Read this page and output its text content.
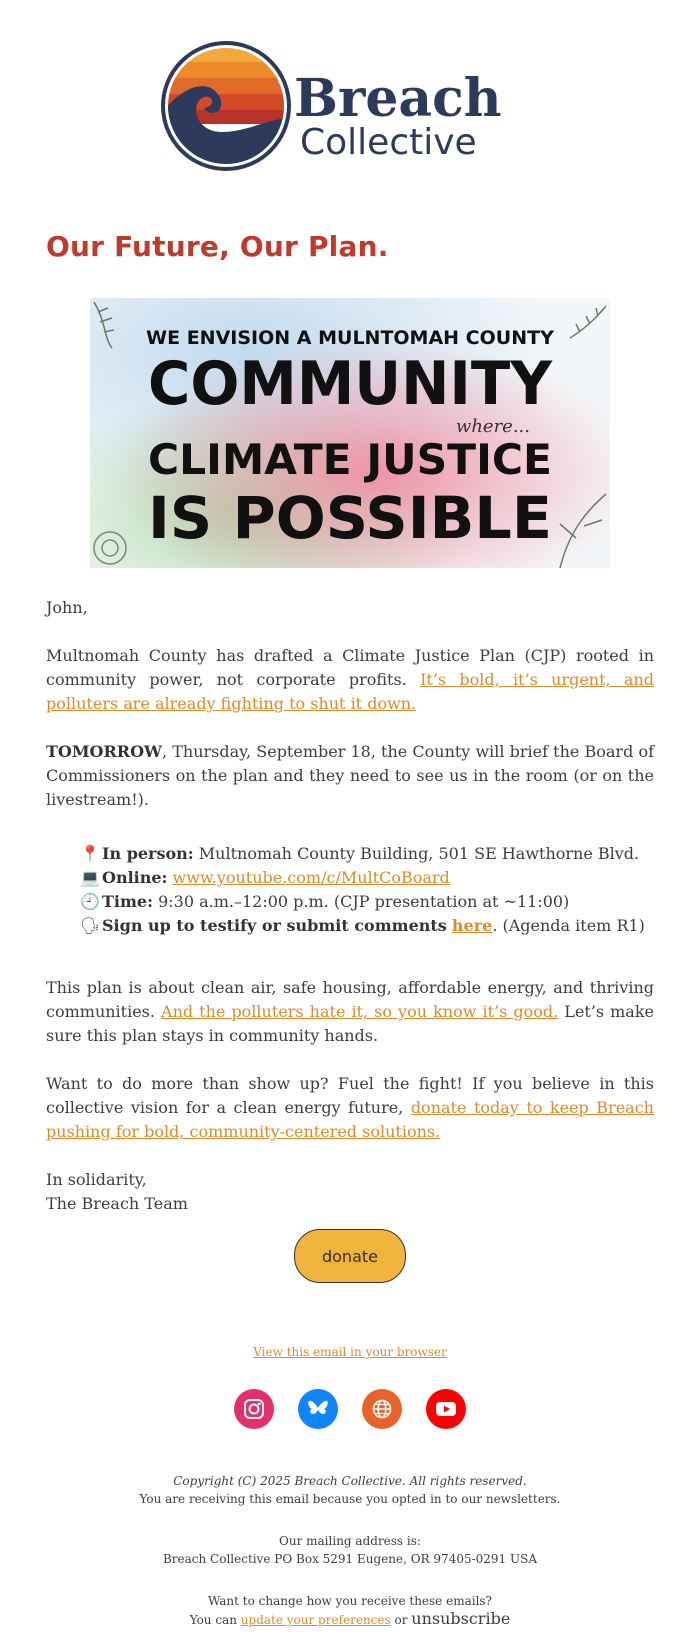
Breach
Collective
Our Future, Our Plan.
WE ENVISION A MULNTOMAH COUNTY
COMMUNITY
where...
CLIMATE JUSTICE
IS POSSIBLE

John,

Multnomah County has drafted a Climate Justice Plan (CJP) rooted in community power, not corporate profits. It’s bold, it’s urgent, and polluters are already fighting to shut it down.

TOMORROW, Thursday, September 18, the County will brief the Board of Commissioners on the plan and they need to see us in the room (or on the livestream!).

📍 In person: Multnomah County Building, 501 SE Hawthorne Blvd.
💻 Online: www.youtube.com/c/MultCoBoard
🕘 Time: 9:30 a.m.–12:00 p.m. (CJP presentation at ~11:00)
🗣 Sign up to testify or submit comments here. (Agenda item R1)

This plan is about clean air, safe housing, affordable energy, and thriving communities. And the polluters hate it, so you know it’s good. Let’s make sure this plan stays in community hands.

Want to do more than show up? Fuel the fight! If you believe in this collective vision for a clean energy future, donate today to keep Breach pushing for bold, community-centered solutions.

In solidarity,
The Breach Team

donate
View this email in your browser
Copyright (C) 2025 Breach Collective. All rights reserved.
You are receiving this email because you opted in to our newsletters.
Our mailing address is:
Breach Collective PO Box 5291 Eugene, OR 97405-0291 USA
Want to change how you receive these emails?
You can update your preferences or unsubscribe
